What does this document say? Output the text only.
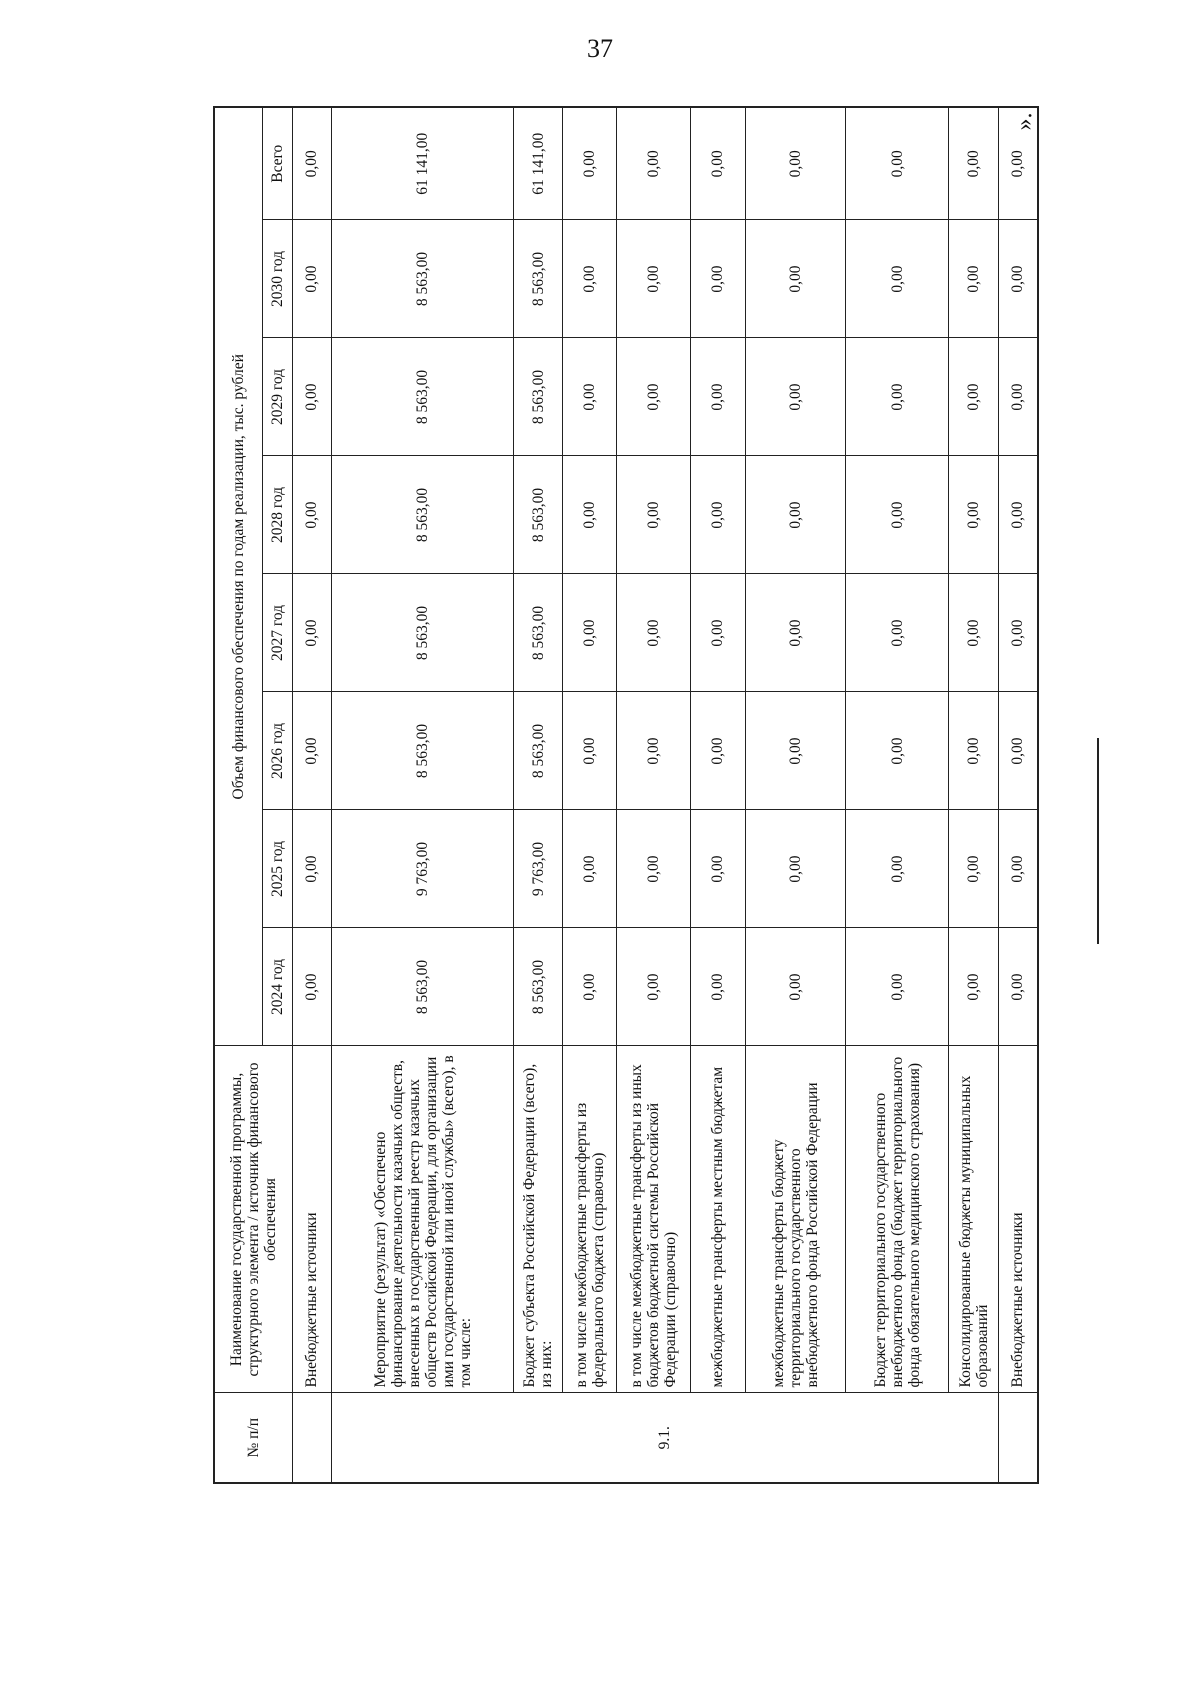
37
».
№ п/п	Наименование государственной программы, структурного элемента / источник финансового обеспечения	Объем финансового обеспечения по годам реализации, тыс. рублей							
		2024 год	2025 год	2026 год	2027 год	2028 год	2029 год	2030 год	Всего
	Внебюджетные источники	0,00	0,00	0,00	0,00	0,00	0,00	0,00	0,00
9.1.	Мероприятие (результат) «Обеспечено финансирование деятельности казачьих обществ, внесенных в государственный реестр казачьих обществ Российской Федерации, для организации ими государственной или иной службы» (всего), в том числе:	8 563,00	9 763,00	8 563,00	8 563,00	8 563,00	8 563,00	8 563,00	61 141,00
	Бюджет субъекта Российской Федерации (всего), из них:	8 563,00	9 763,00	8 563,00	8 563,00	8 563,00	8 563,00	8 563,00	61 141,00
	в том числе межбюджетные трансферты из федерального бюджета (справочно)	0,00	0,00	0,00	0,00	0,00	0,00	0,00	0,00
	в том числе межбюджетные трансферты из иных бюджетов бюджетной системы Российской Федерации (справочно)	0,00	0,00	0,00	0,00	0,00	0,00	0,00	0,00
	межбюджетные трансферты местным бюджетам	0,00	0,00	0,00	0,00	0,00	0,00	0,00	0,00
	межбюджетные трансферты бюджету территориального государственного внебюджетного фонда Российской Федерации	0,00	0,00	0,00	0,00	0,00	0,00	0,00	0,00
	Бюджет территориального государственного внебюджетного фонда (бюджет территориального фонда обязательного медицинского страхования)	0,00	0,00	0,00	0,00	0,00	0,00	0,00	0,00
	Консолидированные бюджеты муниципальных образований	0,00	0,00	0,00	0,00	0,00	0,00	0,00	0,00
	Внебюджетные источники	0,00	0,00	0,00	0,00	0,00	0,00	0,00	0,00
